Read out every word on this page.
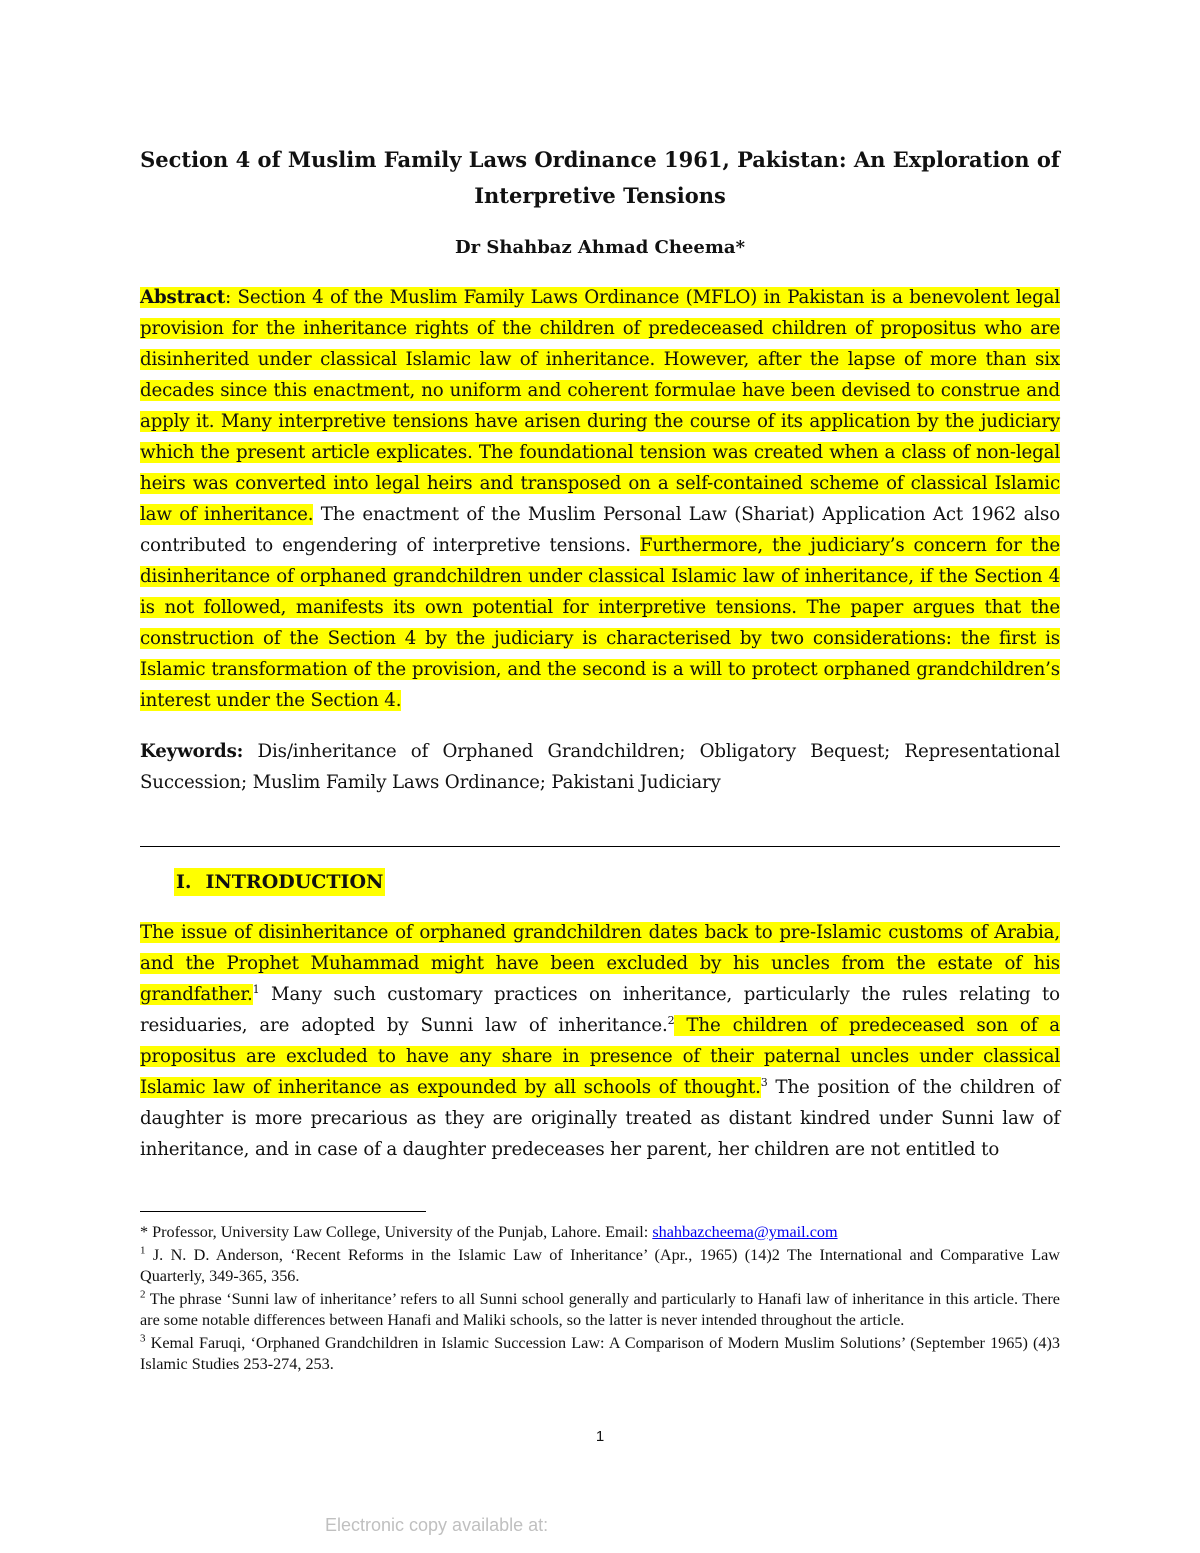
Section 4 of Muslim Family Laws Ordinance 1961, Pakistan: An Exploration of Interpretive Tensions
Dr Shahbaz Ahmad Cheema*

Abstract: Section 4 of the Muslim Family Laws Ordinance (MFLO) in Pakistan is a benevolent legal provision for the inheritance rights of the children of predeceased children of propositus who are disinherited under classical Islamic law of inheritance. However, after the lapse of more than six decades since this enactment, no uniform and coherent formulae have been devised to construe and apply it. Many interpretive tensions have arisen during the course of its application by the judiciary which the present article explicates. The foundational tension was created when a class of non-legal heirs was converted into legal heirs and transposed on a self-contained scheme of classical Islamic law of inheritance. The enactment of the Muslim Personal Law (Shariat) Application Act 1962 also contributed to engendering of interpretive tensions. Furthermore, the judiciary’s concern for the disinheritance of orphaned grandchildren under classical Islamic law of inheritance, if the Section 4 is not followed, manifests its own potential for interpretive tensions. The paper argues that the construction of the Section 4 by the judiciary is characterised by two considerations: the first is Islamic transformation of the provision, and the second is a will to protect orphaned grandchildren’s interest under the Section 4.

Keywords: Dis/inheritance of Orphaned Grandchildren; Obligatory Bequest; Representational Succession; Muslim Family Laws Ordinance; Pakistani Judiciary

I. INTRODUCTION

The issue of disinheritance of orphaned grandchildren dates back to pre-Islamic customs of Arabia, and the Prophet Muhammad might have been excluded by his uncles from the estate of his grandfather.$^1$ Many such customary practices on inheritance, particularly the rules relating to residuaries, are adopted by Sunni law of inheritance.$^2$ The children of predeceased son of a propositus are excluded to have any share in presence of their paternal uncles under classical Islamic law of inheritance as expounded by all schools of thought.$^3$ The position of the children of daughter is more precarious as they are originally treated as distant kindred under Sunni law of inheritance, and in case of a daughter predeceases her parent, her children are not entitled to

* Professor, University Law College, University of the Punjab, Lahore. Email: shahbazcheema@ymail.com

$^1$ J. N. D. Anderson, ‘Recent Reforms in the Islamic Law of Inheritance’ (Apr., 1965) (14)2 The International and Comparative Law Quarterly, 349-365, 356.

$^2$ The phrase ‘Sunni law of inheritance’ refers to all Sunni school generally and particularly to Hanafi law of inheritance in this article. There are some notable differences between Hanafi and Maliki schools, so the latter is never intended throughout the article.

$^3$ Kemal Faruqi, ‘Orphaned Grandchildren in Islamic Succession Law: A Comparison of Modern Muslim Solutions’ (September 1965) (4)3 Islamic Studies 253-274, 253.

1
Electronic copy available at:
